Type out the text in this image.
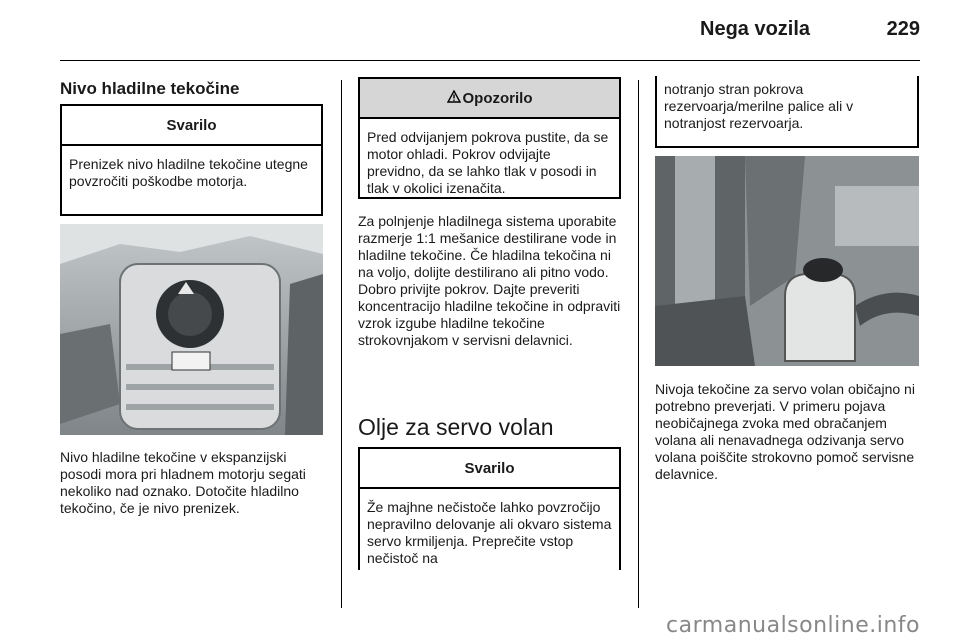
Nega vozila	229
Nivo hladilne tekočine
Svarilo
Prenizek nivo hladilne tekočine utegne povzročiti poškodbe motorja.
Nivo hladilne tekočine v ekspanzijski posodi mora pri hladnem motorju segati nekoliko nad oznako. Dotočite hladilno tekočino, če je nivo prenizek.
Opozorilo
Pred odvijanjem pokrova pustite, da se motor ohladi. Pokrov odvijajte previdno, da se lahko tlak v posodi in tlak v okolici izenačita.
Za polnjenje hladilnega sistema uporabite razmerje 1:1 mešanice destilirane vode in hladilne tekočine. Če hladilna tekočina ni na voljo, dolijte destilirano ali pitno vodo. Dobro privijte pokrov. Dajte preveriti koncentracijo hladilne tekočine in odpraviti vzrok izgube hladilne tekočine strokovnjakom v servisni delavnici.
Olje za servo volan
Svarilo
Že majhne nečistoče lahko povzročijo nepravilno delovanje ali okvaro sistema servo krmiljenja. Preprečite vstop nečistoč na
notranjo stran pokrova rezervoarja/merilne palice ali v notranjost rezervoarja.
Nivoja tekočine za servo volan običajno ni potrebno preverjati. V primeru pojava neobičajnega zvoka med obračanjem volana ali nenavadnega odzivanja servo volana poiščite strokovno pomoč servisne delavnice.
carmanualsonline.info
